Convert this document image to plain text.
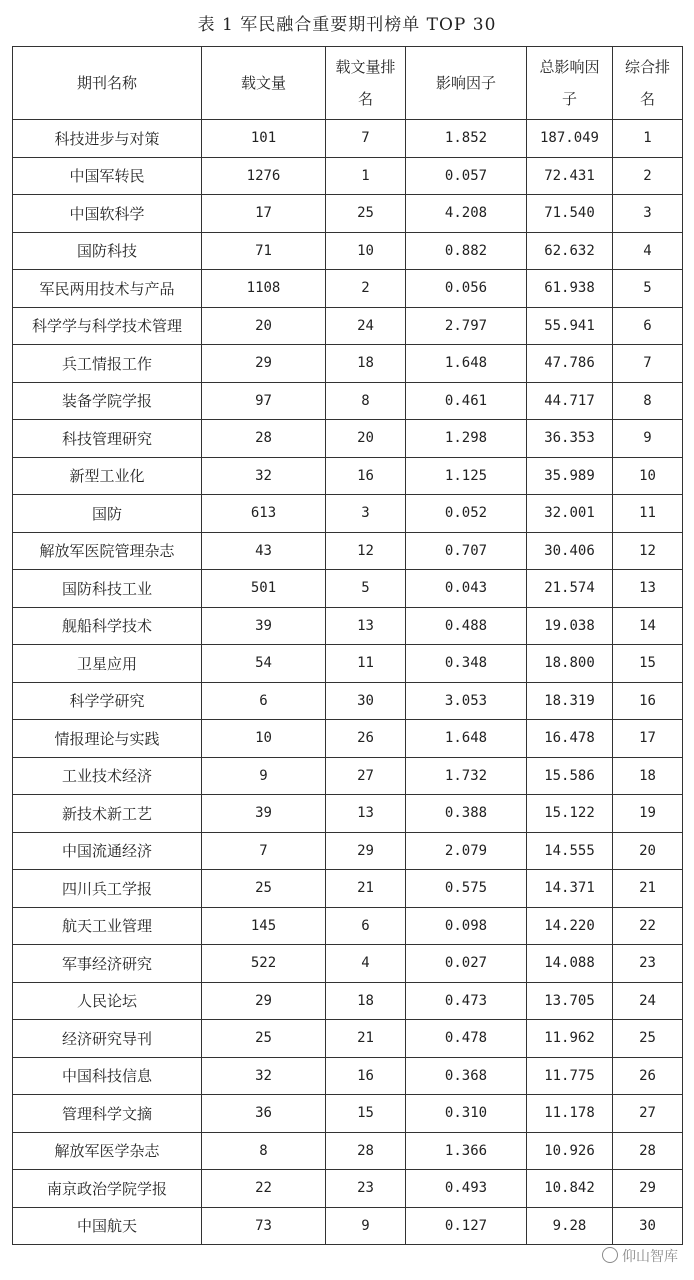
表 1 军民融合重要期刊榜单 TOP 30
期刊名称	载文量	载文量排名	影响因子	总影响因子	综合排名
科技进步与对策	101	7	1.852	187.049	1
中国军转民	1276	1	0.057	72.431	2
中国软科学	17	25	4.208	71.540	3
国防科技	71	10	0.882	62.632	4
军民两用技术与产品	1108	2	0.056	61.938	5
科学学与科学技术管理	20	24	2.797	55.941	6
兵工情报工作	29	18	1.648	47.786	7
装备学院学报	97	8	0.461	44.717	8
科技管理研究	28	20	1.298	36.353	9
新型工业化	32	16	1.125	35.989	10
国防	613	3	0.052	32.001	11
解放军医院管理杂志	43	12	0.707	30.406	12
国防科技工业	501	5	0.043	21.574	13
舰船科学技术	39	13	0.488	19.038	14
卫星应用	54	11	0.348	18.800	15
科学学研究	6	30	3.053	18.319	16
情报理论与实践	10	26	1.648	16.478	17
工业技术经济	9	27	1.732	15.586	18
新技术新工艺	39	13	0.388	15.122	19
中国流通经济	7	29	2.079	14.555	20
四川兵工学报	25	21	0.575	14.371	21
航天工业管理	145	6	0.098	14.220	22
军事经济研究	522	4	0.027	14.088	23
人民论坛	29	18	0.473	13.705	24
经济研究导刊	25	21	0.478	11.962	25
中国科技信息	32	16	0.368	11.775	26
管理科学文摘	36	15	0.310	11.178	27
解放军医学杂志	8	28	1.366	10.926	28
南京政治学院学报	22	23	0.493	10.842	29
中国航天	73	9	0.127	9.28	30
仰山智库
